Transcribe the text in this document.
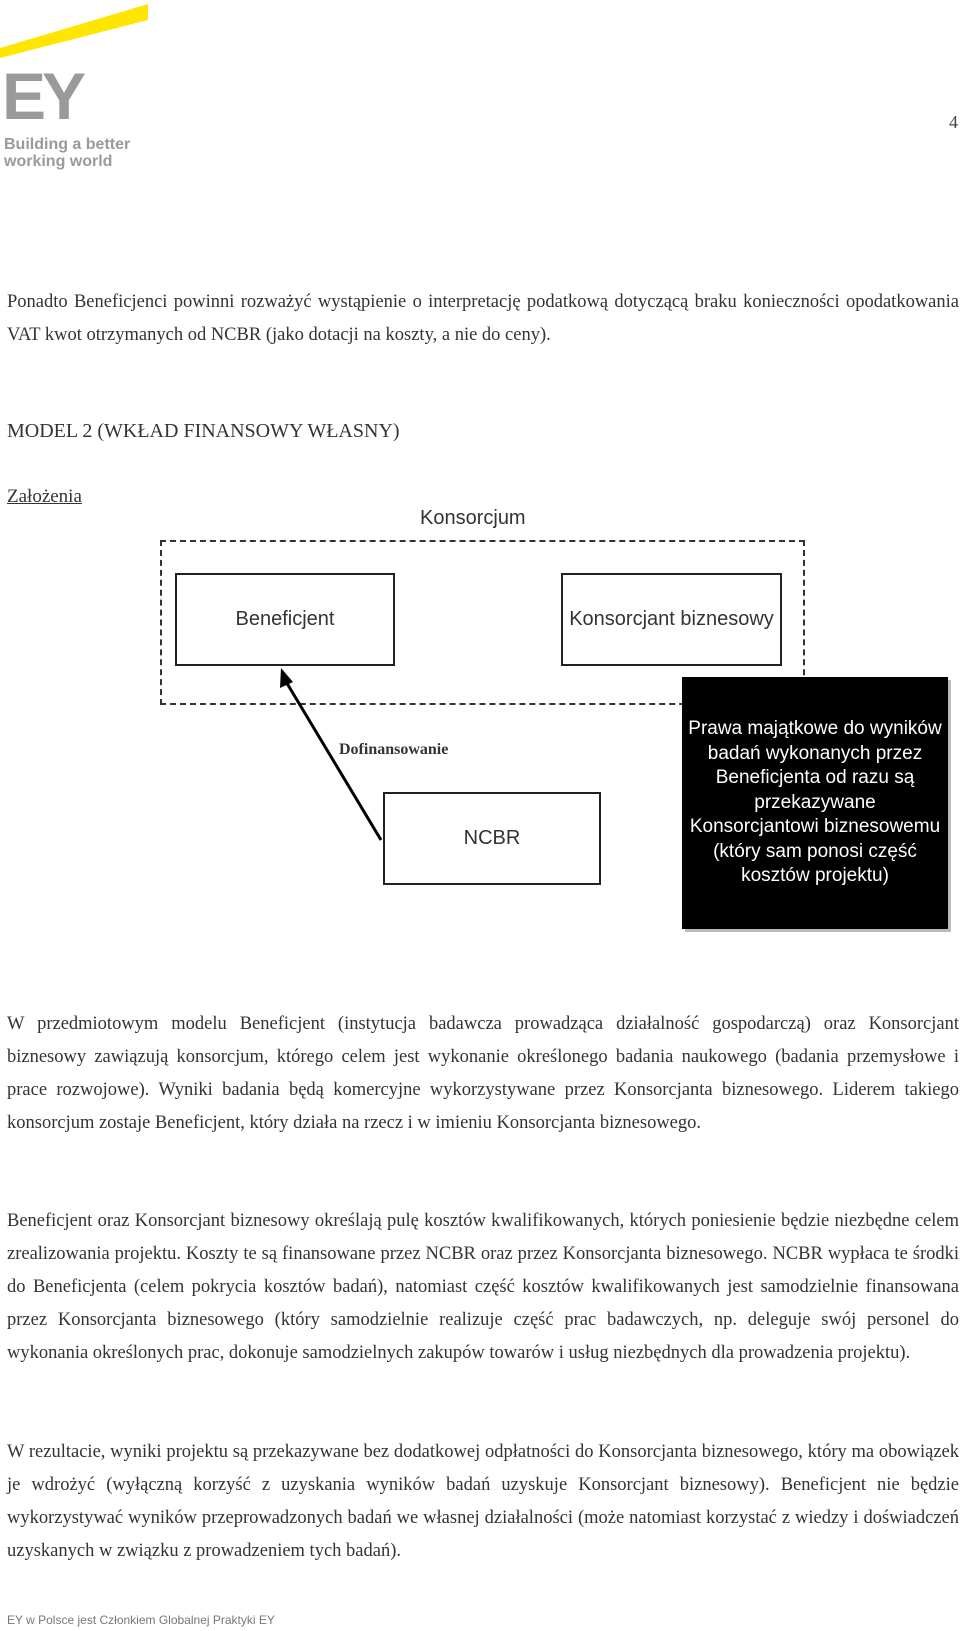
EY
Building a better working world
4
Ponadto Beneficjenci powinni rozważyć wystąpienie o interpretację podatkową dotyczącą braku konieczności opodatkowania VAT kwot otrzymanych od NCBR (jako dotacji na koszty, a nie do ceny).
MODEL 2 (WKŁAD FINANSOWY WŁASNY)
Założenia
Konsorcjum
Beneficjent	Konsorcjant biznesowy
Dofinansowanie
NCBR
Prawa majątkowe do wyników badań wykonanych przez Beneficjenta od razu są przekazywane Konsorcjantowi biznesowemu (który sam ponosi część kosztów projektu)
W przedmiotowym modelu Beneficjent (instytucja badawcza prowadząca działalność gospodarczą) oraz Konsorcjant biznesowy zawiązują konsorcjum, którego celem jest wykonanie określonego badania naukowego (badania przemysłowe i prace rozwojowe). Wyniki badania będą komercyjne wykorzystywane przez Konsorcjanta biznesowego. Liderem takiego konsorcjum zostaje Beneficjent, który działa na rzecz i w imieniu Konsorcjanta biznesowego.
Beneficjent oraz Konsorcjant biznesowy określają pulę kosztów kwalifikowanych, których poniesienie będzie niezbędne celem zrealizowania projektu. Koszty te są finansowane przez NCBR oraz przez Konsorcjanta biznesowego. NCBR wypłaca te środki do Beneficjenta (celem pokrycia kosztów badań), natomiast część kosztów kwalifikowanych jest samodzielnie finansowana przez Konsorcjanta biznesowego (który samodzielnie realizuje część prac badawczych, np. deleguje swój personel do wykonania określonych prac, dokonuje samodzielnych zakupów towarów i usług niezbędnych dla prowadzenia projektu).
W rezultacie, wyniki projektu są przekazywane bez dodatkowej odpłatności do Konsorcjanta biznesowego, który ma obowiązek je wdrożyć (wyłączną korzyść z uzyskania wyników badań uzyskuje Konsorcjant biznesowy). Beneficjent nie będzie wykorzystywać wyników przeprowadzonych badań we własnej działalności (może natomiast korzystać z wiedzy i doświadczeń uzyskanych w związku z prowadzeniem tych badań).
EY w Polsce jest Członkiem Globalnej Praktyki EY
